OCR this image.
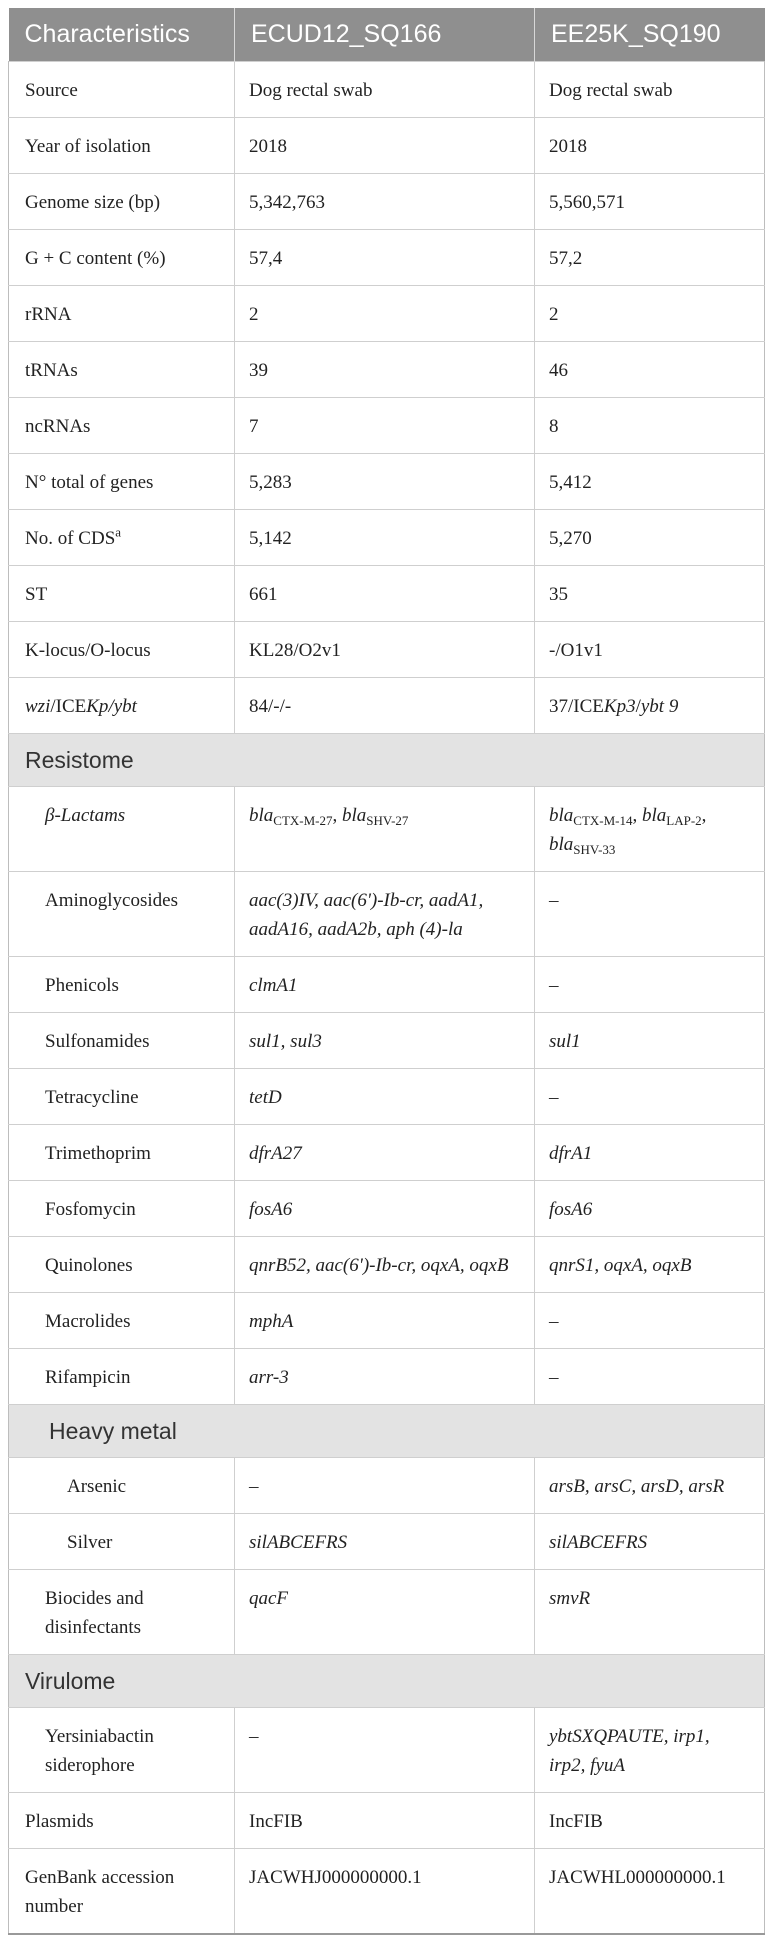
Characteristics	ECUD12_SQ166	EE25K_SQ190
Source	Dog rectal swab	Dog rectal swab
Year of isolation	2018	2018
Genome size (bp)	5,342,763	5,560,571
G + C content (%)	57,4	57,2
rRNA	2	2
tRNAs	39	46
ncRNAs	7	8
N° total of genes	5,283	5,412
No. of CDS$^a$	5,142	5,270
ST	661	35
K-locus/O-locus	KL28/O2v1	-/O1v1
wzi/ICEKp/ybt	84/-/-	37/ICEKp3/ybt 9
Resistome		
β-Lactams	bla$_{CTX-M-27}$, bla$_{SHV-27}$	bla$_{CTX-M-14}$, bla$_{LAP-2}$,
bla$_{SHV-33}$
Aminoglycosides	aac(3)IV, aac(6')-Ib-cr, aadA1, aadA16, aadA2b, aph (4)-la	–
Phenicols	clmA1	–
Sulfonamides	sul1, sul3	sul1
Tetracycline	tetD	–
Trimethoprim	dfrA27	dfrA1
Fosfomycin	fosA6	fosA6
Quinolones	qnrB52, aac(6')-Ib-cr, oqxA, oqxB	qnrS1, oqxA, oqxB
Macrolides	mphA	–
Rifampicin	arr-3	–
Heavy metal		
Arsenic	–	arsB, arsC, arsD, arsR
Silver	silABCEFRS	silABCEFRS
Biocides and disinfectants	qacF	smvR
Virulome		
Yersiniabactin siderophore	–	ybtSXQPAUTE, irp1, irp2, fyuA
Plasmids	IncFIB	IncFIB
GenBank accession number	JACWHJ000000000.1	JACWHL000000000.1
